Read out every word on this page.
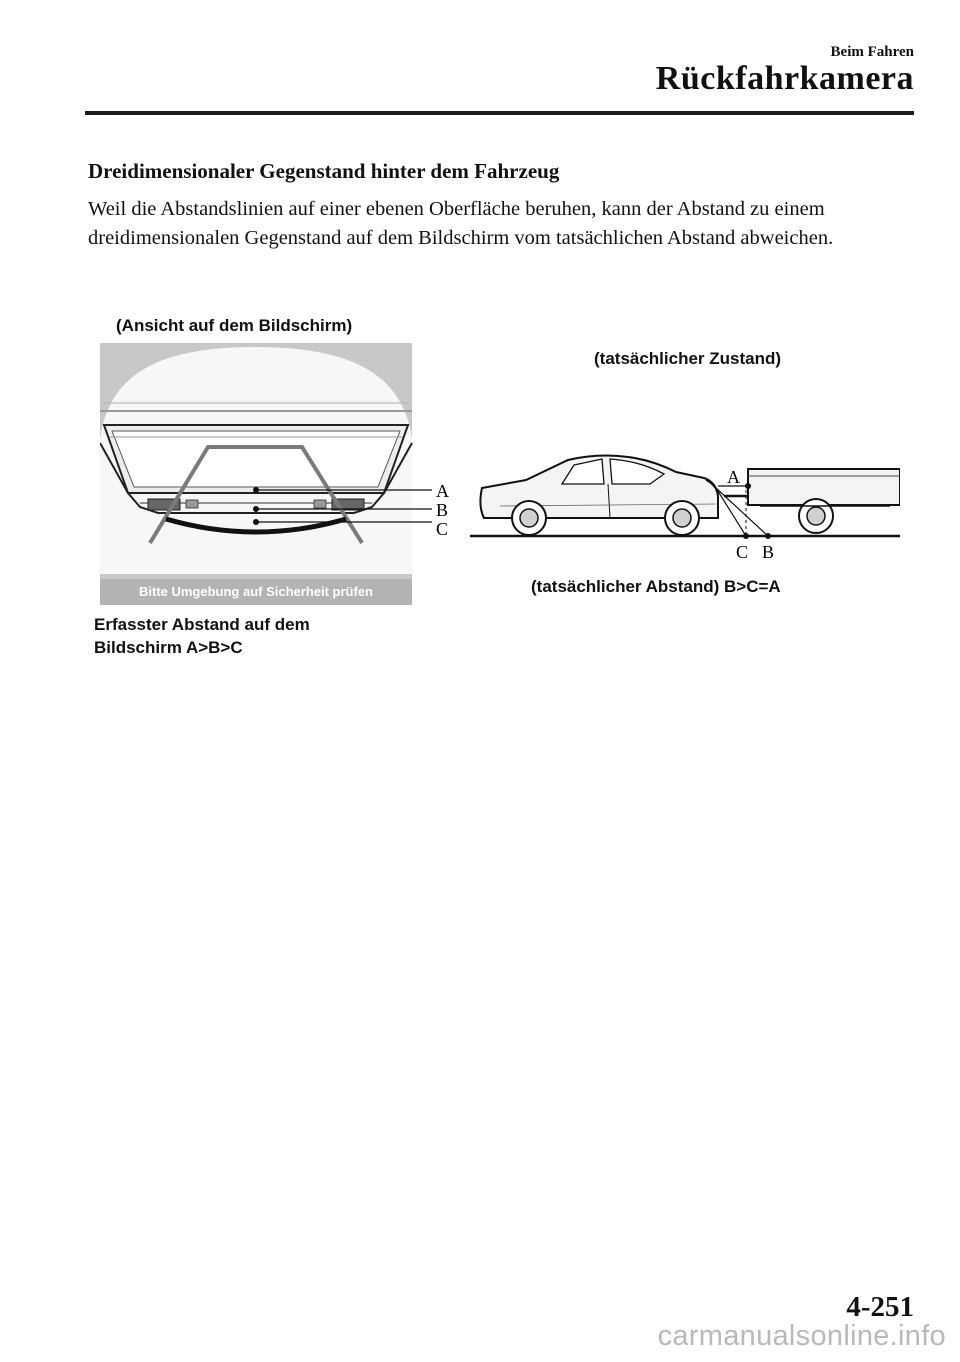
Beim Fahren
Rückfahrkamera
Dreidimensionaler Gegenstand hinter dem Fahrzeug

Weil die Abstandslinien auf einer ebenen Oberfläche beruhen, kann der Abstand zu einem dreidimensionalen Gegenstand auf dem Bildschirm vom tatsächlichen Abstand abweichen.

(Ansicht auf dem Bildschirm)
Bitte Umgebung auf Sicherheit prüfen
A
B
C
(tatsächlicher Zustand)
A
C B
(tatsächlicher Abstand) B>C=A
Erfasster Abstand auf dem Bildschirm A>B>C
4-251
carmanualsonline.info
